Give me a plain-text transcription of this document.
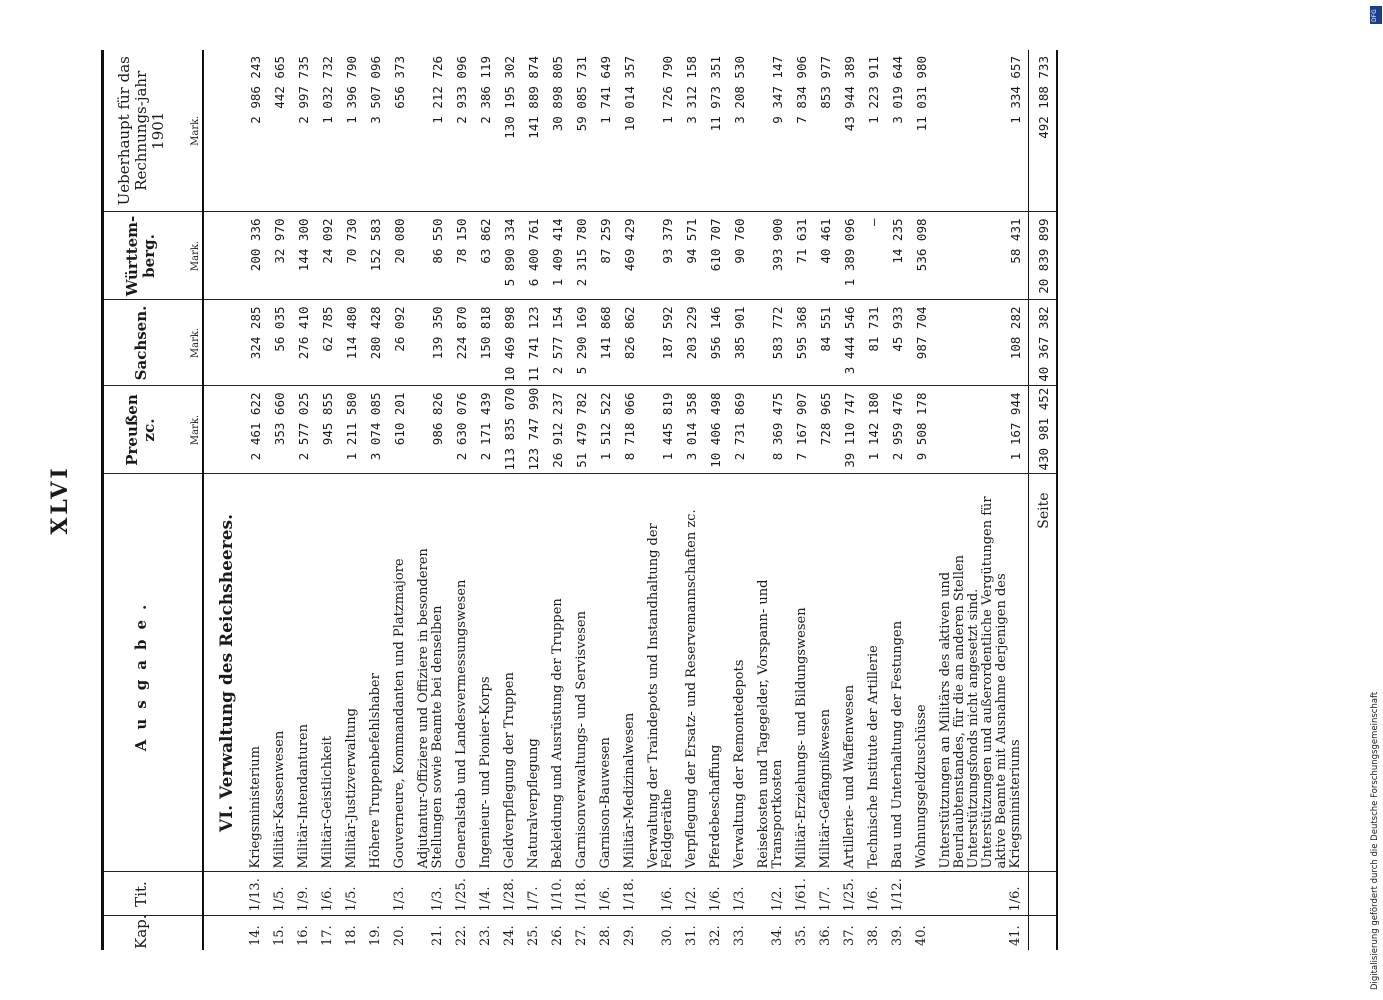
XLVI
Kap.	Tit.	Ausgabe.	Preußen zc.	Sachsen.	Württem-berg.	Ueberhaupt für das Rechnungs-jahr 1901
			Mark.	Mark.	Mark.	Mark.
		VI. Verwaltung des Reichsheeres.				
14.	1/13.	Kriegsministerium	2 461 622	324 285	200 336	2 986 243
15.	1/5.	Militär-Kassenwesen	353 660	56 035	32 970	442 665
16.	1/9.	Militär-Intendanturen	2 577 025	276 410	144 300	2 997 735
17.	1/6.	Militär-Geistlichkeit	945 855	62 785	24 092	1 032 732
18.	1/5.	Militär-Justizverwaltung	1 211 580	114 480	70 730	1 396 790
19.		Höhere Truppenbefehlshaber	3 074 085	280 428	152 583	3 507 096
20.	1/3.	Gouverneure, Kommandanten und Platzmajore	610 201	26 092	20 080	656 373
21.	1/3.	Adjutantur-Offiziere und Offiziere in besonderen Stellungen sowie Beamte bei denselben	986 826	139 350	86 550	1 212 726
22.	1/25.	Generalstab und Landesvermessungswesen	2 630 076	224 870	78 150	2 933 096
23.	1/4.	Ingenieur- und Pionier-Korps	2 171 439	150 818	63 862	2 386 119
24.	1/28.	Geldverpflegung der Truppen	113 835 070	10 469 898	5 890 334	130 195 302
25.	1/7.	Naturalverpflegung	123 747 990	11 741 123	6 400 761	141 889 874
26.	1/10.	Bekleidung und Ausrüstung der Truppen	26 912 237	2 577 154	1 409 414	30 898 805
27.	1/18.	Garnisonverwaltungs- und Servisvesen	51 479 782	5 290 169	2 315 780	59 085 731
28.	1/6.	Garnison-Bauwesen	1 512 522	141 868	87 259	1 741 649
29.	1/18.	Militär-Medizinalwesen	8 718 066	826 862	469 429	10 014 357
30.	1/6.	Verwaltung der Traindepots und Instandhaltung der Feldgeräthe	1 445 819	187 592	93 379	1 726 790
31.	1/2.	Verpflegung der Ersatz- und Reservemannschaften zc.	3 014 358	203 229	94 571	3 312 158
32.	1/6.	Pferdebeschaffung	10 406 498	956 146	610 707	11 973 351
33.	1/3.	Verwaltung der Remontedepots	2 731 869	385 901	90 760	3 208 530
34.	1/2.	Reisekosten und Tagegelder, Vorspann- und Transportkosten	8 369 475	583 772	393 900	9 347 147
35.	1/61.	Militär-Erziehungs- und Bildungswesen	7 167 907	595 368	71 631	7 834 906
36.	1/7.	Militär-Gefängnißwesen	728 965	84 551	40 461	853 977
37.	1/25.	Artillerie- und Waffenwesen	39 110 747	3 444 546	1 389 096	43 944 389
38.	1/6.	Technische Institute der Artillerie	1 142 180	81 731	—	1 223 911
39.	1/12.	Bau und Unterhaltung der Festungen	2 959 476	45 933	14 235	3 019 644
40.		Wohnungsgeldzuschüsse	9 508 178	987 704	536 098	11 031 980
41.	1/6.	Unterstützungen an Militärs des aktiven und Beurlaubtenstandes, für die an anderen Stellen Unterstützungsfonds nicht angesetzt sind. Unterstützungen und außerordentliche Vergütungen für aktive Beamte mit Ausnahme derjenigen des Kriegsministeriums	1 167 944	108 282	58 431	1 334 657
		Seite	430 981 452	40 367 382	20 839 899	492 188 733
DFG
Digitalisierung gefördert durch die Deutsche Forschungsgemeinschaft
